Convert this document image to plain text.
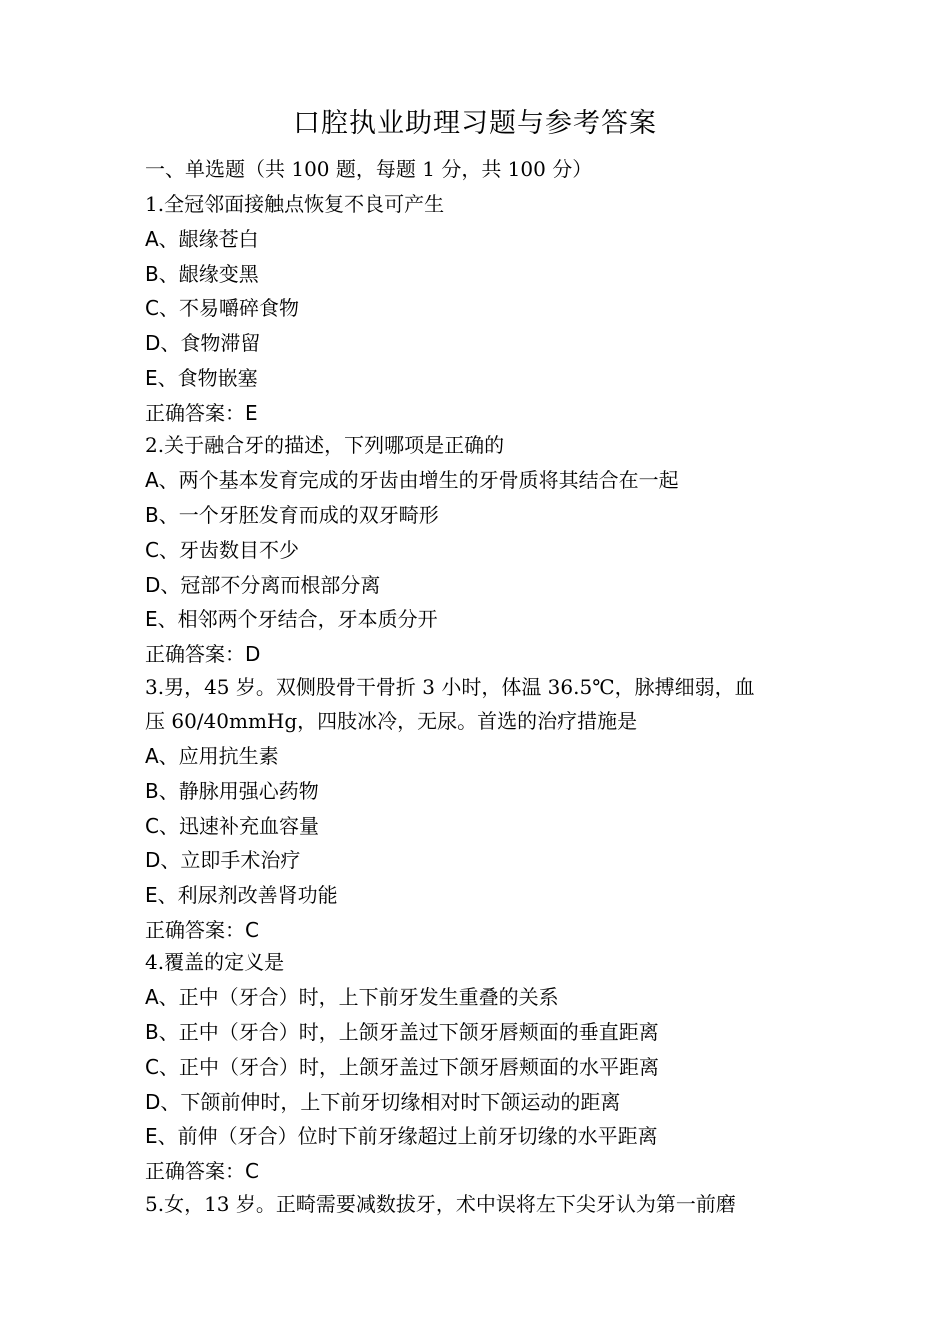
口腔执业助理习题与参考答案
一、单选题（共 100 题，每题 1 分，共 100 分）
1.全冠邻面接触点恢复不良可产生
A、龈缘苍白
B、龈缘变黑
C、不易嚼碎食物
D、食物滞留
E、食物嵌塞
正确答案：E
2.关于融合牙的描述，下列哪项是正确的
A、两个基本发育完成的牙齿由增生的牙骨质将其结合在一起
B、一个牙胚发育而成的双牙畸形
C、牙齿数目不少
D、冠部不分离而根部分离
E、相邻两个牙结合，牙本质分开
正确答案：D
3.男，45 岁。双侧股骨干骨折 3 小时，体温 36.5℃，脉搏细弱，血
压 60/40mmHg，四肢冰冷，无尿。首选的治疗措施是
A、应用抗生素
B、静脉用强心药物
C、迅速补充血容量
D、立即手术治疗
E、利尿剂改善肾功能
正确答案：C
4.覆盖的定义是
A、正中（牙合）时，上下前牙发生重叠的关系
B、正中（牙合）时，上颌牙盖过下颌牙唇颊面的垂直距离
C、正中（牙合）时，上颌牙盖过下颌牙唇颊面的水平距离
D、下颌前伸时，上下前牙切缘相对时下颌运动的距离
E、前伸（牙合）位时下前牙缘超过上前牙切缘的水平距离
正确答案：C
5.女，13 岁。正畸需要减数拔牙，术中误将左下尖牙认为第一前磨
